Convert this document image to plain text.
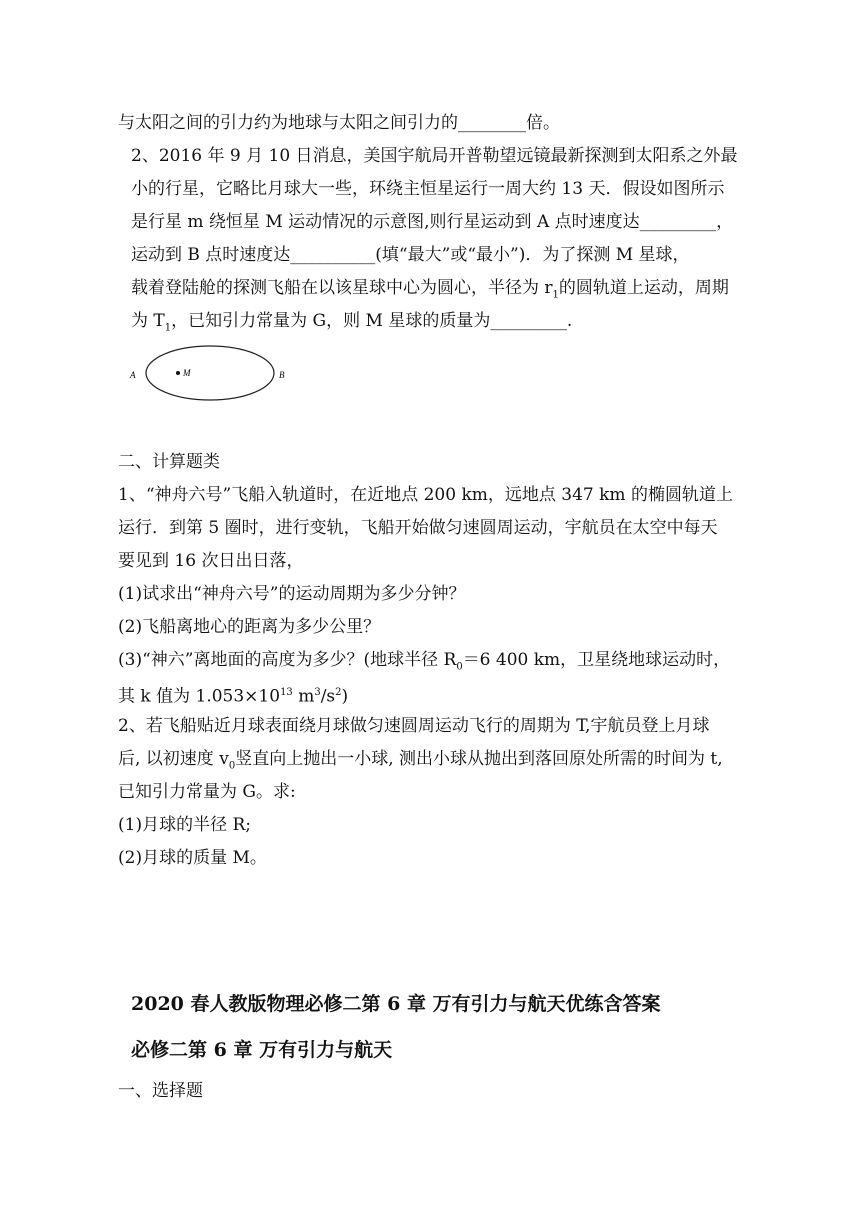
与太阳之间的引力约为地球与太阳之间引力的________倍。
2、2016 年 9 月 10 日消息，美国宇航局开普勒望远镜最新探测到太阳系之外最
小的行星，它略比月球大一些，环绕主恒星运行一周大约 13 天．假设如图所示
是行星 m 绕恒星 M 运动情况的示意图,则行星运动到 A 点时速度达_________，
运动到 B 点时速度达__________(填“最大”或“最小”)．为了探测 M 星球，
载着登陆舱的探测飞船在以该星球中心为圆心，半径为 $r_1$的圆轨道上运动，周期
为 $T_1$，已知引力常量为 G，则 M 星球的质量为_________.
A	M	B
二、计算题类
1、“神舟六号”飞船入轨道时，在近地点 200 km，远地点 347 km 的椭圆轨道上
运行．到第 5 圈时，进行变轨，飞船开始做匀速圆周运动，宇航员在太空中每天
要见到 16 次日出日落，
(1)试求出“神舟六号”的运动周期为多少分钟？
(2)飞船离地心的距离为多少公里？
(3)“神六”离地面的高度为多少？(地球半径 $R_0=6$ 400 km，卫星绕地球运动时，
其 k 值为 $1.053\times 10^{13}$ $m^3/s^2$)
2、若飞船贴近月球表面绕月球做匀速圆周运动飞行的周期为 T,宇航员登上月球
后, 以初速度 $v_0$竖直向上抛出一小球, 测出小球从抛出到落回原处所需的时间为 t,
已知引力常量为 G。求:
(1)月球的半径 R;
(2)月球的质量 M。
2020 春人教版物理必修二第 6 章 万有引力与航天优练含答案
必修二第 6 章 万有引力与航天
一、选择题
